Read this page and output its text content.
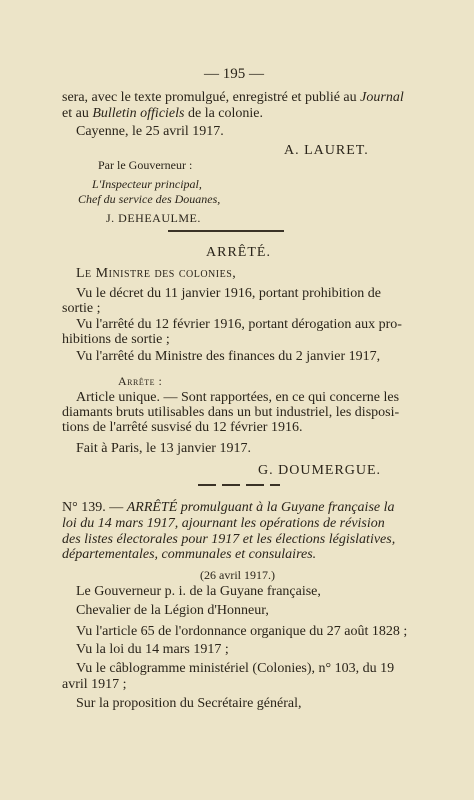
— 195 —
sera, avec le texte promulgué, enregistré et publié au Journal
et au Bulletin officiels de la colonie.
Cayenne, le 25 avril 1917.
A. LAURET.
Par le Gouverneur :
L'Inspecteur principal,
Chef du service des Douanes,
J. DEHEAULME.
ARRÊTÉ.
Le Ministre des colonies,
Vu le décret du 11 janvier 1916, portant prohibition de
sortie ;
Vu l'arrêté du 12 février 1916, portant dérogation aux pro-
hibitions de sortie ;
Vu l'arrêté du Ministre des finances du 2 janvier 1917,
Arrête :
Article unique. — Sont rapportées, en ce qui concerne les
diamants bruts utilisables dans un but industriel, les disposi-
tions de l'arrêté susvisé du 12 février 1916.
Fait à Paris, le 13 janvier 1917.
G. DOUMERGUE.
N° 139. — ARRÊTÉ promulguant à la Guyane française la
loi du 14 mars 1917, ajournant les opérations de révision
des listes électorales pour 1917 et les élections législatives,
départementales, communales et consulaires.
(26 avril 1917.)
Le Gouverneur p. i. de la Guyane française,
Chevalier de la Légion d'Honneur,
Vu l'article 65 de l'ordonnance organique du 27 août 1828 ;
Vu la loi du 14 mars 1917 ;
Vu le câblogramme ministériel (Colonies), n° 103, du 19
avril 1917 ;
Sur la proposition du Secrétaire général,
